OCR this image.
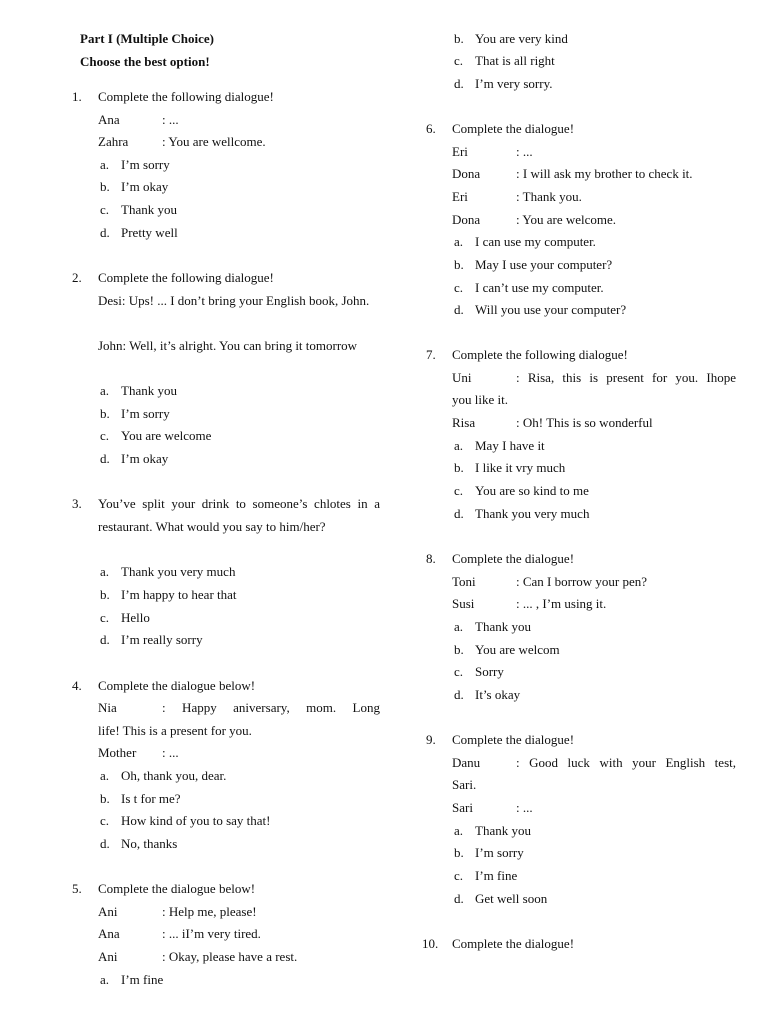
Part I (Multiple Choice)
Choose the best option!
1.	Complete the following dialogue!
Ana	: ...
Zahra	: You are wellcome.
a. I’m sorry
b. I’m okay
c. Thank you
d. Pretty well
2.	Complete the following dialogue!
Desi: Ups! ... I don’t bring your English book, John.
John: Well, it’s alright. You can bring it tomorrow
a. Thank you
b. I’m sorry
c. You are welcome
d. I’m okay
3.	You’ve split your drink to someone’s chlotes in a restaurant. What would you say to him/her?
a. Thank you very much
b. I’m happy to hear that
c. Hello
d. I’m really sorry
4.	Complete the dialogue below!
Nia	: Happy aniversary, mom. Long
life! This is a present for you.
Mother	: ...
a. Oh, thank you, dear.
b. Is t for me?
c. How kind of you to say that!
d. No, thanks
5.	Complete the dialogue below!
Ani	: Help me, please!
Ana	: ... iI’m very tired.
Ani	: Okay, please have a rest.
a. I’m fine
b. You are very kind
c. That is all right
d. I’m very sorry.
6.	Complete the dialogue!
Eri	: ...
Dona	: I will ask my brother to check it.
Eri	: Thank you.
Dona	: You are welcome.
a. I can use my computer.
b. May I use your computer?
c. I can’t use my computer.
d. Will you use your computer?
7.	Complete the following dialogue!
Uni	: Risa, this is present for you. Ihope
you like it.
Risa	: Oh! This is so wonderful
a. May I have it
b. I like it vry much
c. You are so kind to me
d. Thank you very much
8.	Complete the dialogue!
Toni	: Can I borrow your pen?
Susi	: ... , I’m using it.
a. Thank you
b. You are welcom
c. Sorry
d. It’s okay
9.	Complete the dialogue!
Danu	: Good luck with your English test,
Sari.
Sari	: ...
a. Thank you
b. I’m sorry
c. I’m fine
d. Get well soon
10.	Complete the dialogue!
